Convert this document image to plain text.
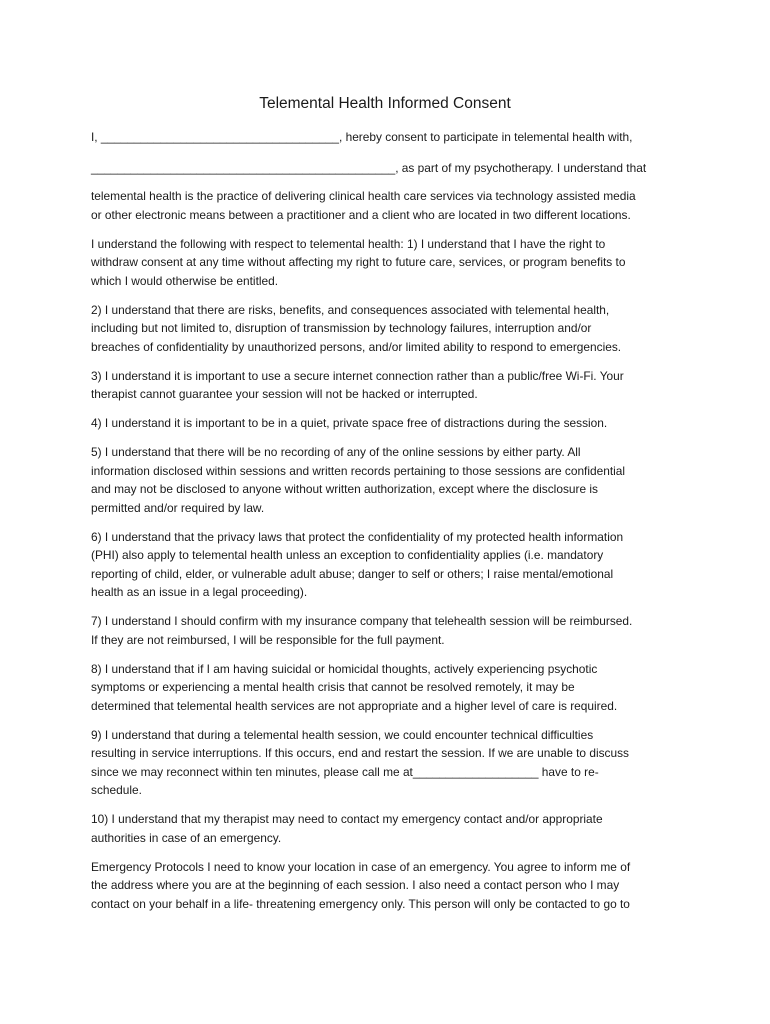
Telemental Health Informed Consent
I, ____________________________________, hereby consent to participate in telemental health with,
______________________________________________, as part of my psychotherapy. I understand that
telemental health is the practice of delivering clinical health care services via technology assisted media
or other electronic means between a practitioner and a client who are located in two different locations.
I understand the following with respect to telemental health: 1) I understand that I have the right to
withdraw consent at any time without affecting my right to future care, services, or program benefits to
which I would otherwise be entitled.
2) I understand that there are risks, benefits, and consequences associated with telemental health,
including but not limited to, disruption of transmission by technology failures, interruption and/or
breaches of confidentiality by unauthorized persons, and/or limited ability to respond to emergencies.
3) I understand it is important to use a secure internet connection rather than a public/free Wi-Fi. Your
therapist cannot guarantee your session will not be hacked or interrupted.
4) I understand it is important to be in a quiet, private space free of distractions during the session.
5) I understand that there will be no recording of any of the online sessions by either party. All
information disclosed within sessions and written records pertaining to those sessions are confidential
and may not be disclosed to anyone without written authorization, except where the disclosure is
permitted and/or required by law.
6) I understand that the privacy laws that protect the confidentiality of my protected health information
(PHI) also apply to telemental health unless an exception to confidentiality applies (i.e. mandatory
reporting of child, elder, or vulnerable adult abuse; danger to self or others; I raise mental/emotional
health as an issue in a legal proceeding).
7) I understand I should confirm with my insurance company that telehealth session will be reimbursed.
If they are not reimbursed, I will be responsible for the full payment.
8) I understand that if I am having suicidal or homicidal thoughts, actively experiencing psychotic
symptoms or experiencing a mental health crisis that cannot be resolved remotely, it may be
determined that telemental health services are not appropriate and a higher level of care is required.
9) I understand that during a telemental health session, we could encounter technical difficulties
resulting in service interruptions. If this occurs, end and restart the session. If we are unable to discuss
since we may reconnect within ten minutes, please call me at___________________ have to re-
schedule.
10) I understand that my therapist may need to contact my emergency contact and/or appropriate
authorities in case of an emergency.
Emergency Protocols I need to know your location in case of an emergency. You agree to inform me of
the address where you are at the beginning of each session. I also need a contact person who I may
contact on your behalf in a life- threatening emergency only. This person will only be contacted to go to
